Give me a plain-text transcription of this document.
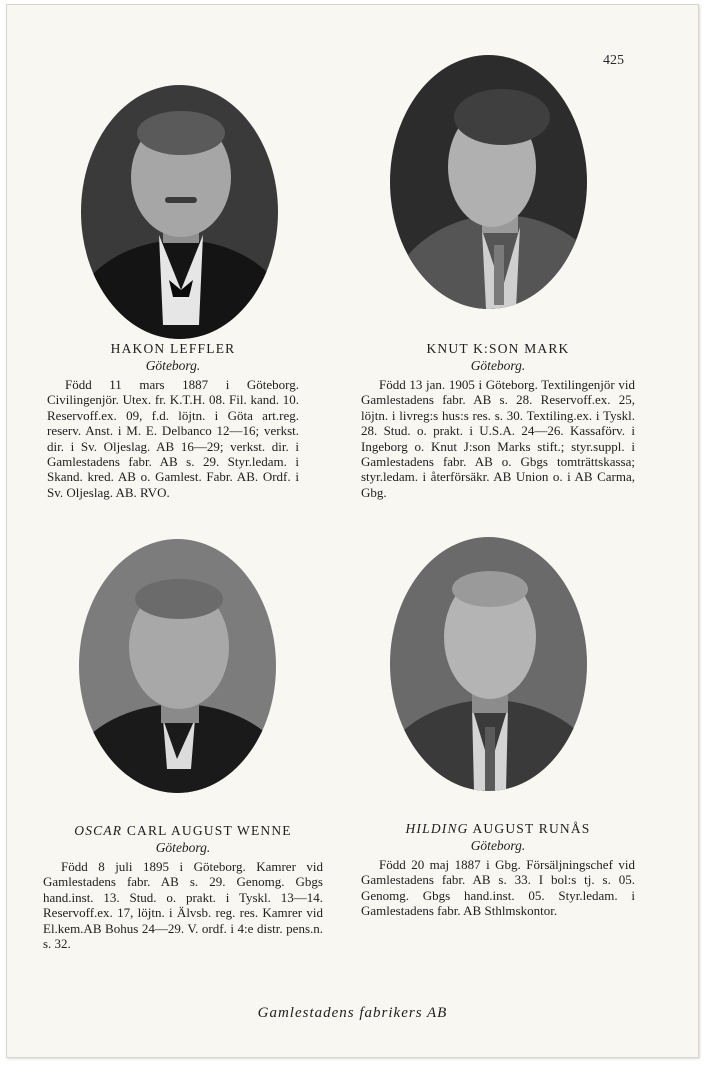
425
HAKON LEFFLER
Göteborg.
Född 11 mars 1887 i Göteborg. Civilingenjör. Utex. fr. K.T.H. 08. Fil. kand. 10. Reservoff.ex. 09, f.d. löjtn. i Göta art.reg. reserv. Anst. i M. E. Delbanco 12—16; verkst. dir. i Sv. Oljeslag. AB 16—29; verkst. dir. i Gamlestadens fabr. AB s. 29. Styr.ledam. i Skand. kred. AB o. Gamlest. Fabr. AB. Ordf. i Sv. Oljeslag. AB. RVO.
KNUT K:SON MARK
Göteborg.
Född 13 jan. 1905 i Göteborg. Textilingenjör vid Gamlestadens fabr. AB s. 28. Reservoff.ex. 25, löjtn. i livreg:s hus:s res. s. 30. Textiling.ex. i Tyskl. 28. Stud. o. prakt. i U.S.A. 24—26. Kassaförv. i Ingeborg o. Knut J:son Marks stift.; styr.suppl. i Gamlestadens fabr. AB o. Gbgs tomträttskassa; styr.ledam. i återförsäkr. AB Union o. i AB Carma, Gbg.
OSCAR CARL AUGUST WENNE
Göteborg.
Född 8 juli 1895 i Göteborg. Kamrer vid Gamlestadens fabr. AB s. 29. Genomg. Gbgs hand.inst. 13. Stud. o. prakt. i Tyskl. 13—14. Reservoff.ex. 17, löjtn. i Älvsb. reg. res. Kamrer vid El.kem.AB Bohus 24—29. V. ordf. i 4:e distr. pens.n. s. 32.
HILDING AUGUST RUNÅS
Göteborg.
Född 20 maj 1887 i Gbg. Försäljningschef vid Gamlestadens fabr. AB s. 33. I bol:s tj. s. 05. Genomg. Gbgs hand.inst. 05. Styr.ledam. i Gamlestadens fabr. AB Sthlmskontor.
Gamlestadens fabrikers AB
